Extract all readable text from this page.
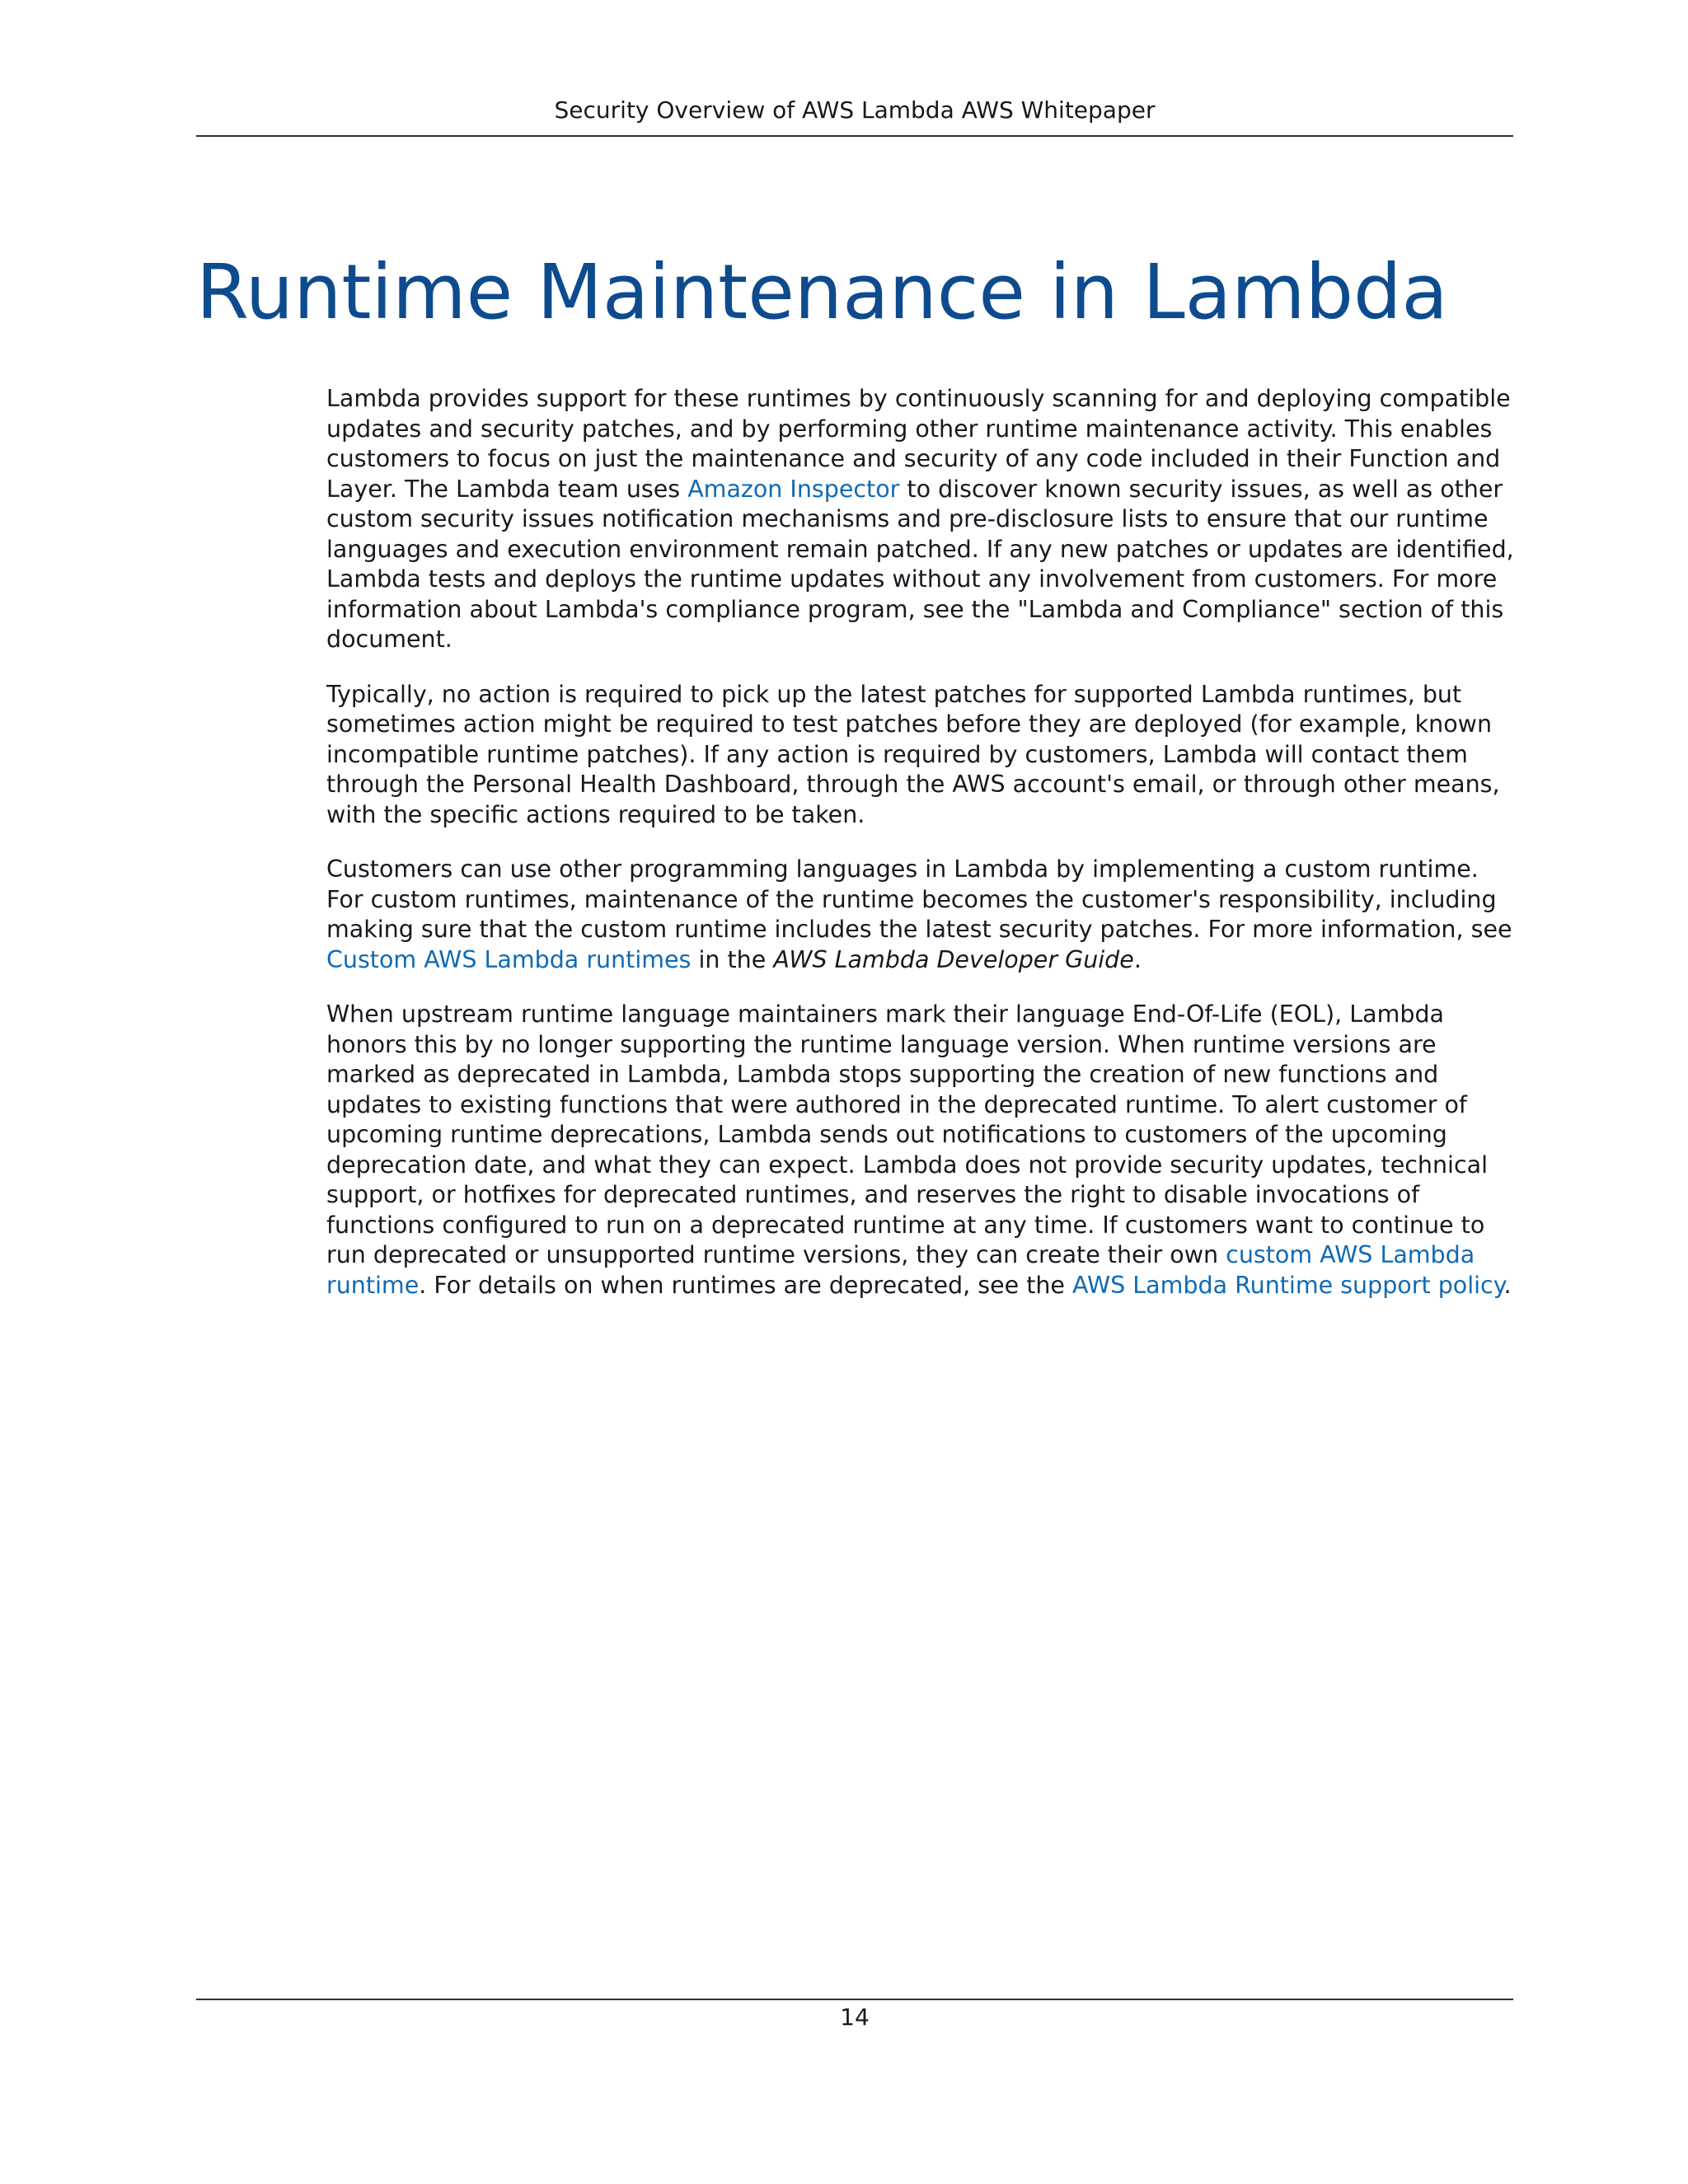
Security Overview of AWS Lambda AWS Whitepaper
Runtime Maintenance in Lambda

Lambda provides support for these runtimes by continuously scanning for and deploying compatible updates and security patches, and by performing other runtime maintenance activity. This enables customers to focus on just the maintenance and security of any code included in their Function and Layer. The Lambda team uses Amazon Inspector to discover known security issues, as well as other custom security issues notification mechanisms and pre-disclosure lists to ensure that our runtime languages and execution environment remain patched. If any new patches or updates are identified, Lambda tests and deploys the runtime updates without any involvement from customers. For more information about Lambda's compliance program, see the "Lambda and Compliance" section of this document.

Typically, no action is required to pick up the latest patches for supported Lambda runtimes, but sometimes action might be required to test patches before they are deployed (for example, known incompatible runtime patches). If any action is required by customers, Lambda will contact them through the Personal Health Dashboard, through the AWS account's email, or through other means, with the specific actions required to be taken.

Customers can use other programming languages in Lambda by implementing a custom runtime. For custom runtimes, maintenance of the runtime becomes the customer's responsibility, including making sure that the custom runtime includes the latest security patches. For more information, see Custom AWS Lambda runtimes in the AWS Lambda Developer Guide.

When upstream runtime language maintainers mark their language End-Of-Life (EOL), Lambda honors this by no longer supporting the runtime language version. When runtime versions are marked as deprecated in Lambda, Lambda stops supporting the creation of new functions and updates to existing functions that were authored in the deprecated runtime. To alert customer of upcoming runtime deprecations, Lambda sends out notifications to customers of the upcoming deprecation date, and what they can expect. Lambda does not provide security updates, technical support, or hotfixes for deprecated runtimes, and reserves the right to disable invocations of functions configured to run on a deprecated runtime at any time. If customers want to continue to run deprecated or unsupported runtime versions, they can create their own custom AWS Lambda runtime. For details on when runtimes are deprecated, see the AWS Lambda Runtime support policy.

14
